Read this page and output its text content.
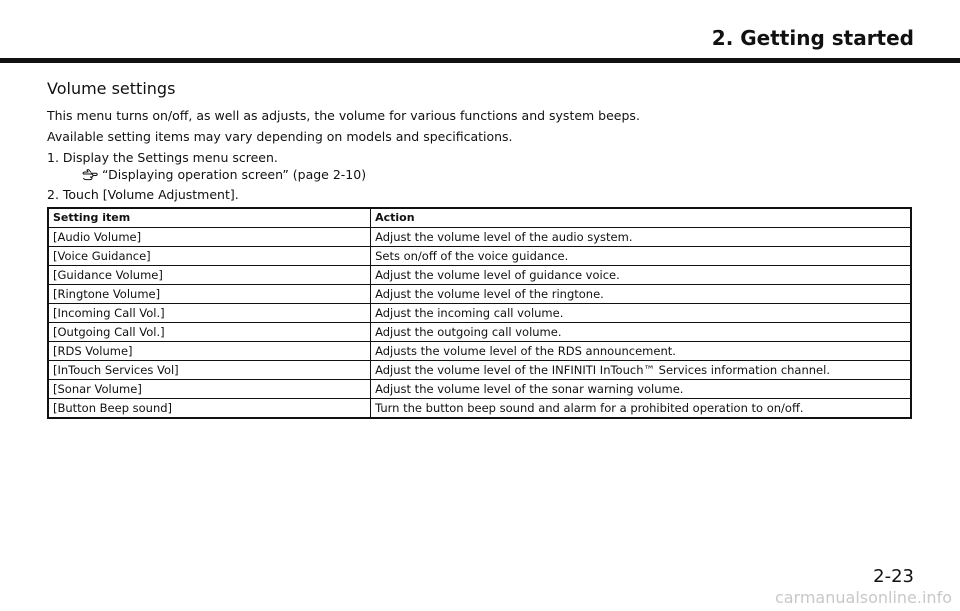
2. Getting started
Volume settings
This menu turns on/off, as well as adjusts, the volume for various functions and system beeps.
Available setting items may vary depending on models and specifications.
1. Display the Settings menu screen.
“Displaying operation screen” (page 2-10)
2. Touch [Volume Adjustment].
Setting item	Action
[Audio Volume]	Adjust the volume level of the audio system.
[Voice Guidance]	Sets on/off of the voice guidance.
[Guidance Volume]	Adjust the volume level of guidance voice.
[Ringtone Volume]	Adjust the volume level of the ringtone.
[Incoming Call Vol.]	Adjust the incoming call volume.
[Outgoing Call Vol.]	Adjust the outgoing call volume.
[RDS Volume]	Adjusts the volume level of the RDS announcement.
[InTouch Services Vol]	Adjust the volume level of the INFINITI InTouch™ Services information channel.
[Sonar Volume]	Adjust the volume level of the sonar warning volume.
[Button Beep sound]	Turn the button beep sound and alarm for a prohibited operation to on/off.
2-23
carmanualsonline.info
